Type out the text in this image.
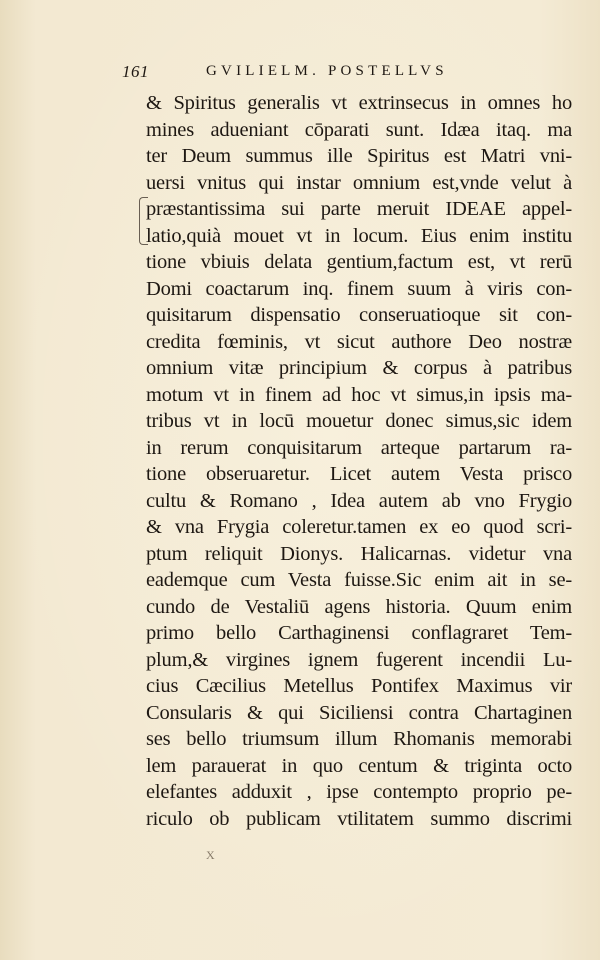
161	GVILIELM. POSTELLVS
& Spiritus generalis vt extrinsecus in omnes ho
mines adueniant cōparati sunt. Idæa itaq. ma
ter Deum summus ille Spiritus est Matri vni-
uersi vnitus qui instar omnium est,vnde velut à
præstantissima sui parte meruit IDEAE appel-
latio,quià mouet vt in locum. Eius enim institu
tione vbiuis delata gentium,factum est, vt rerū
Domi coactarum inq. finem suum à viris con-
quisitarum dispensatio conseruatioque sit con-
credita fœminis, vt sicut authore Deo nostræ
omnium vitæ principium & corpus à patribus
motum vt in finem ad hoc vt simus,in ipsis ma-
tribus vt in locū mouetur donec simus,sic idem
in rerum conquisitarum arteque partarum ra-
tione obseruaretur. Licet autem Vesta prisco
cultu & Romano , Idea autem ab vno Frygio
& vna Frygia coleretur.tamen ex eo quod scri-
ptum reliquit Dionys. Halicarnas. videtur vna
eademque cum Vesta fuisse.Sic enim ait in se-
cundo de Vestaliū agens historia. Quum enim
primo bello Carthaginensi conflagraret Tem-
plum,& virgines ignem fugerent incendii Lu-
cius Cæcilius Metellus Pontifex Maximus vir
Consularis & qui Siciliensi contra Chartaginen
ses bello triumsum illum Rhomanis memorabi
lem parauerat in quo centum & triginta octo
elefantes adduxit , ipse contempto proprio pe-
riculo ob publicam vtilitatem summo discrimi
X
